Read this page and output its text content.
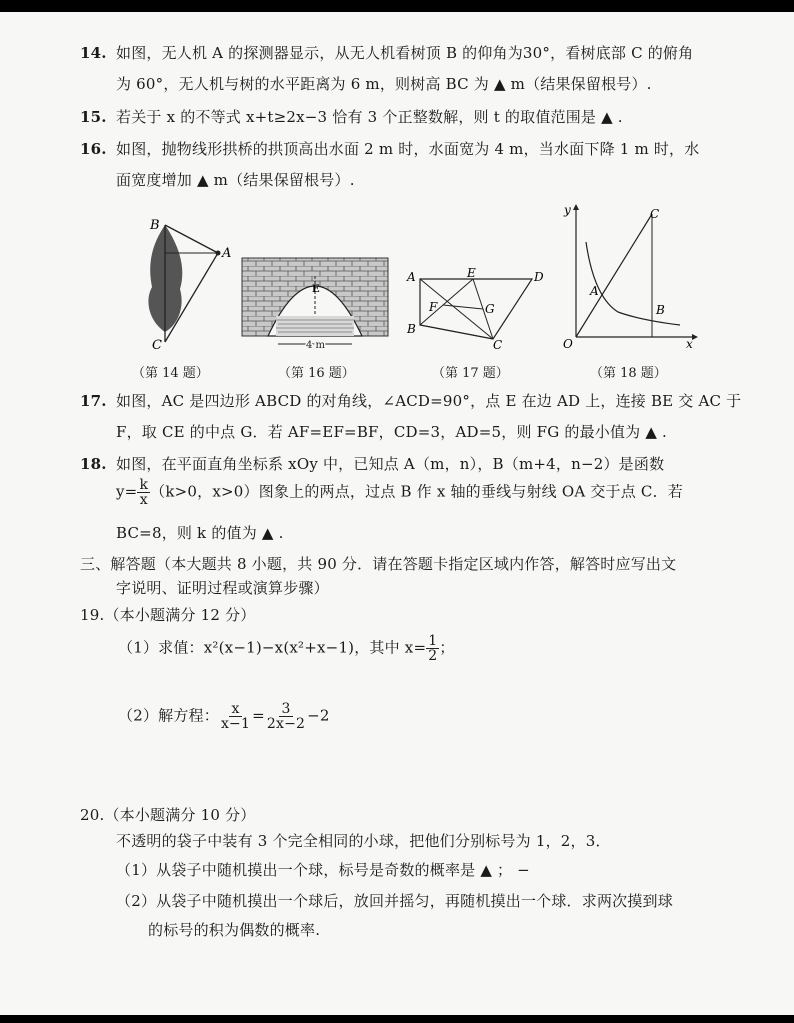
14. 如图，无人机 A 的探测器显示，从无人机看树顶 B 的仰角为30°，看树底部 C 的俯角
为 60°，无人机与树的水平距离为 6 m，则树高 BC 为 ▲ m（结果保留根号）.
15. 若关于 x 的不等式 x+t≥2x−3 恰有 3 个正整数解，则 t 的取值范围是 ▲ .
16. 如图，抛物线形拱桥的拱顶高出水面 2 m 时，水面宽为 4 m，当水面下降 1 m 时，水
面宽度增加 ▲ m（结果保留根号）.
B
A
C
（第 14 题）
E
4 m
（第 16 题）
A	E	D
F	G
B
C
（第 17 题）
y	C
A
B
O	x
（第 18 题）
17. 如图，AC 是四边形 ABCD 的对角线，∠ACD=90°，点 E 在边 AD 上，连接 BE 交 AC 于
F，取 CE 的中点 G．若 AF=EF=BF，CD=3，AD=5，则 FG 的最小值为 ▲ .
18. 如图，在平面直角坐标系 xOy 中，已知点 A（m，n），B（m+4，n−2）是函数
$y= \frac{k}{x} (k>0$，x>0）图象上的两点，过点 B 作 x 轴的垂线与射线 OA 交于点 C．若
BC=8，则 k 的值为 ▲ .
三、解答题（本大题共 8 小题，共 90 分．请在答题卡指定区域内作答，解答时应写出文
字说明、证明过程或演算步骤）
19.（本小题满分 12 分）
（1）求值：x²(x−1)−x(x²+x−1)，其中 $x= \frac{1}{2}$ ；
（2）解方程： $\frac{x}{x-1} = \frac{3}{2x-2} -2$
20.（本小题满分 10 分）
不透明的袋子中装有 3 个完全相同的小球，把他们分别标号为 1，2，3．
（1）从袋子中随机摸出一个球，标号是奇数的概率是 ▲ ； −
（2）从袋子中随机摸出一个球后，放回并摇匀，再随机摸出一个球．求两次摸到球
的标号的积为偶数的概率.
